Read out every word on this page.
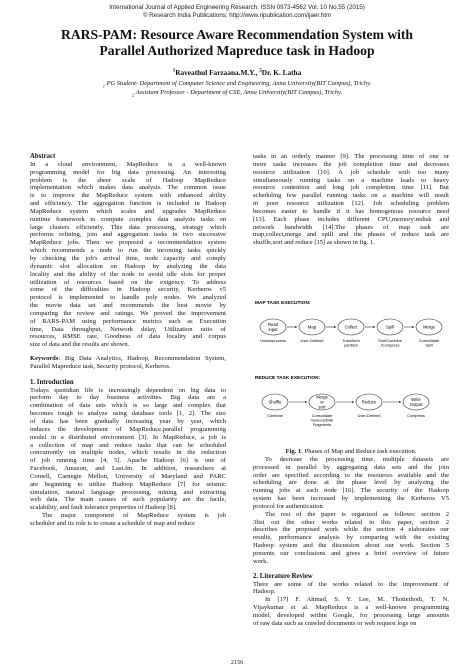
International Journal of Applied Engineering Research, ISSN 0973-4562 Vol. 10 No.55 (2015)
© Research India Publications; http://www.ripublication.com/ijaer.htm
RARS-PAM: Resource Aware Recommendation System with
Parallel Authorized Mapreduce task in Hadoop
$^1$Raveathul Farzaana.M.Y., $^2$Dr. K. Latha
$_1$ PG Student- Department of Computer Science and Engineering, Anna University(BIT Campus), Trichy.
$_2$ Assistant Professor - Department of CSE, Anna University(BIT Campus), Trichy.

Abstract

In a cloud environment, MapReduce is a well-known
programming model for big data processing. An interesting
problem is the sheer scale of Hadoop MapReduce
implementation which makes data analysis. The common issue
is to improve the MapReduce system with enhanced ability
and efficiency. The aggregation function is included in Hadoop
MapReduce system which scales and upgrades MapReduce
runtime framework to compute complex data analysis tasks on
large clusters efficiently. This data processing, strategy which
performs refining, join and aggregation tasks in two successive
MapReduce jobs. Then we proposed a recommendation system
which recommends a node to run the incoming tasks quickly
by checking the job's arrival time, node capacity and comply
dynamic slot allocation on Hadoop by analyzing the data
locality and the ability of the node to avoid idle slots for proper
utilization of resources based on the exigency. To address
some of the difficulties in Hadoop security, Kerberos v5
protocol is implemented to handle poly nodes. We analyzed
the movie data set and recommends the best movie by
comparing the review and ratings. We proved the improvement
of RARS-PAM using performance metrics such as Execution
time, Data throughput, Network delay, Utilization ratio of
resources, RMSE rate, Goodness of data locality and corpus
size of data and the results are shown.

Keywords: Big Data Analytics, Hadoop, Recommendation System, Parallel Mapreduce task, Security protocol, Kerberos.

1. Introduction

Todays quotidian life is increasingly dependent on big data to
perform day to day business activities. Big data are a
combination of data sets which is so large and complex that
becomes tough to analyze using database tools [1, 2]. The size
of data has been gradually increasing year by year, which
induces the development of MapReduce.parallel programming
model in a distributed environment [3]. In MapReduce, a job is
a collection of map and reduce tasks that can be scheduled
concurrently on multiple nodes, which results in the reduction
of job running time [4, 5]. Apache Hadoop [6] is one of
Facebook, Amazon, and Last.fm. In addition, researchers at
Cornell, Carnegie Mellon, University of Maryland and PARC
are beginning to utilize Hadoop MapReduce [7] for seismic
simulation, natural language processing, mining and extracting
web data. The main causes of such popularity are the facile,
scalability, and fault tolerance properties of Hadoop [8].
The major component of MapReduce system is job
scheduler and its role is to create a schedule of map and reduce
tasks in an orderly manner [9]. The processing time of one or
more tasks increases the job completion time and decreases
resource utilization [10]. A job schedule with too many
simultaneously running tasks on a machine leads to heavy
resource contention and long job completion time [11]. But
scheduling few parallel running tasks on a machine will result
in poor resource utilization [12]. Job scheduling problem
becomes easier to handle if it has homogenous resource need
[13]. Each phase includes different CPU,memory\mdisk and
network bandwidth [14].The phases of map task are
map,collect,merge and spill and the phases of reduce task are
shuffle,sort and reduce [15] as shown in fig. 1.
MAP TASK EXECUTION:
Read
input
Unisonprocess
Map
User-Defined
Collect
Transform
partition
Spill
Sort/Combine
/Compress
Merge
Consolidate
Spill
REDUCE TASK EXECUTION:
Shuffle
Combine
Merge
or
sort
Consolidate
memory/Disk
Fragments
Reduce
User-Defined
Write
Output
Compress

Fig. 1: Phases of Map and Reduce task execution.

To decrease the processing time, multiple datasets are
processed in parallel by aggregating data sets and the join
order are specified according to the resources available and the
scheduling are done at the phase level by analyzing the
running jobs at each node [16]. The security of the Hadoop
system has been increased by implementing the Kerberos V5
protocol for authentication.
The rest of the paper is organized as follows: section 2
3list out the other works related to this paper, section 2
describes the proposed work while the section 4 elaborates our
results, performance analysis by comparing with the existing
Hadoop system and the discussion about our work. Section 5
presents our conclusions and gives a brief overview of future
work.

2. Literature Review

There are some of the works related to the improvement of
Hadoop.
In [17] F. Ahmad, S. Y. Lee, M. Thottethodi, T. N.
Vijaykumar et al. MapReduce is a well-known programming
model, developed within Google, for processing large amounts
of raw data such as crawled documents or web request logs on
2156
